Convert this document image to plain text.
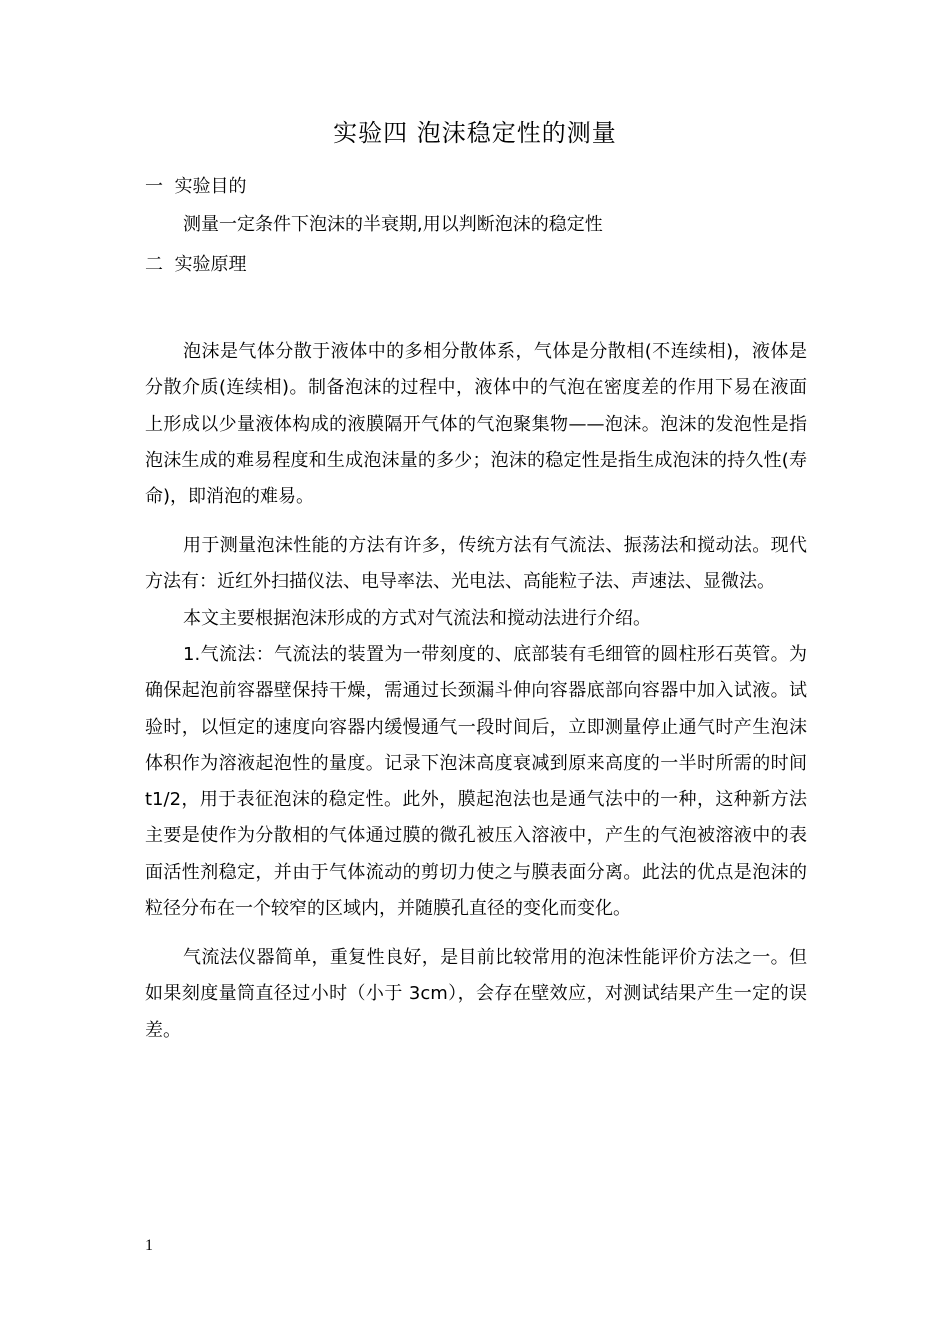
实验四 泡沫稳定性的测量
一  实验目的
测量一定条件下泡沫的半衰期,用以判断泡沫的稳定性
二  实验原理

泡沫是气体分散于液体中的多相分散体系，气体是分散相(不连续相)，液体是分散介质(连续相)。制备泡沫的过程中，液体中的气泡在密度差的作用下易在液面上形成以少量液体构成的液膜隔开气体的气泡聚集物——泡沫。泡沫的发泡性是指泡沫生成的难易程度和生成泡沫量的多少；泡沫的稳定性是指生成泡沫的持久性(寿命)，即消泡的难易。

用于测量泡沫性能的方法有许多，传统方法有气流法、振荡法和搅动法。现代方法有：近红外扫描仪法、电导率法、光电法、高能粒子法、声速法、显微法。

本文主要根据泡沫形成的方式对气流法和搅动法进行介绍。

1.气流法：气流法的装置为一带刻度的、底部装有毛细管的圆柱形石英管。为确保起泡前容器壁保持干燥，需通过长颈漏斗伸向容器底部向容器中加入试液。试验时，以恒定的速度向容器内缓慢通气一段时间后，立即测量停止通气时产生泡沫体积作为溶液起泡性的量度。记录下泡沫高度衰减到原来高度的一半时所需的时间 t1/2，用于表征泡沫的稳定性。此外，膜起泡法也是通气法中的一种，这种新方法主要是使作为分散相的气体通过膜的微孔被压入溶液中，产生的气泡被溶液中的表面活性剂稳定，并由于气体流动的剪切力使之与膜表面分离。此法的优点是泡沫的粒径分布在一个较窄的区域内，并随膜孔直径的变化而变化。

气流法仪器简单，重复性良好，是目前比较常用的泡沫性能评价方法之一。但如果刻度量筒直径过小时（小于 3cm），会存在壁效应，对测试结果产生一定的误差。

1
